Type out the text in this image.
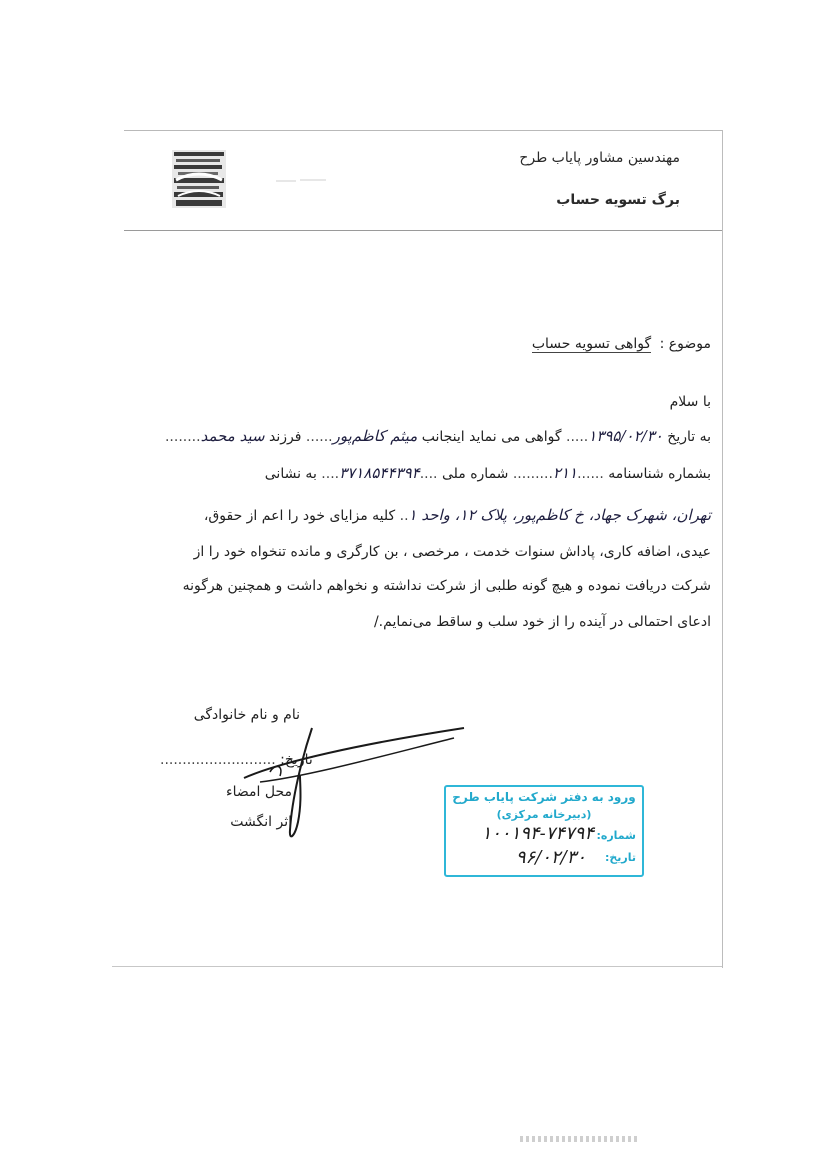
مهندسین مشاور پایاب طرح
برگ تسویه حساب
موضوع : گواهی تسویه حساب
با سلام
به تاریخ ۱۳۹۵/۰۲/۳۰..... گواهی می نماید اینجانب میثم کاظم‌پور...... فرزند سید محمد........
بشماره شناسنامه ......۲۱۱......... شماره ملی ....۳۷۱۸۵۴۴۳۹۴.... به نشانی
تهران، شهرک جهاد، خ کاظم‌پور، پلاک ۱۲، واحد ۱.. کلیه مزایای خود را اعم از حقوق،
عیدی، اضافه کاری، پاداش سنوات خدمت ، مرخصی ، بن کارگری و مانده تنخواه خود را از
شرکت دریافت نموده و هیچ گونه طلبی از شرکت نداشته و نخواهم داشت و همچنین هرگونه
ادعای احتمالی در آینده را از خود سلب و ساقط می‌نمایم./
نام و نام خانوادگی
تاریخ: ..........................
محل امضاء
اثر انگشت
ورود به دفتر شرکت پایاب طرح
(دبیرخانه مرکزی)
شماره:
۱۰۰۱۹۴-۷۴۷۹۴
تاریخ:
۹۶/۰۲/۳۰
